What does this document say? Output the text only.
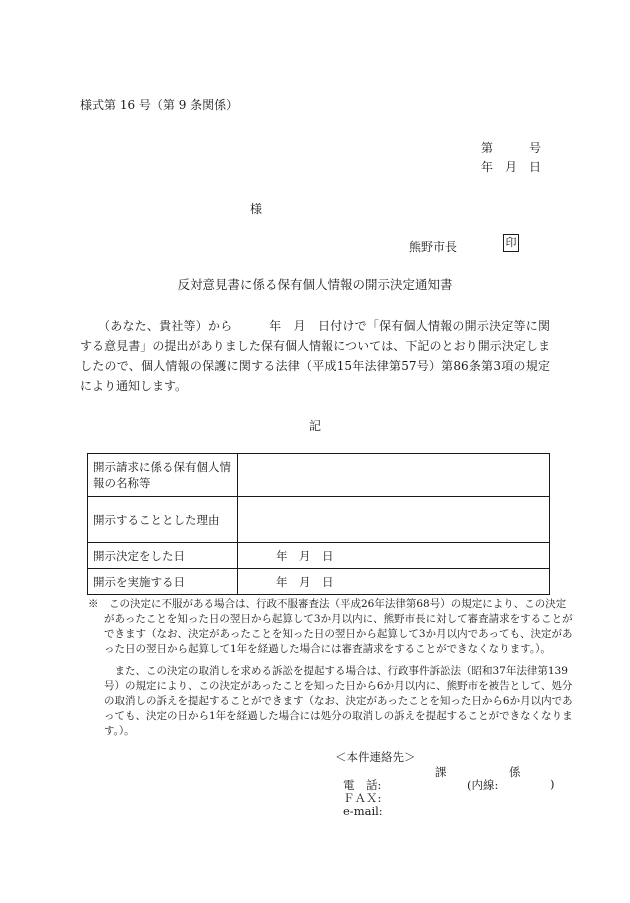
様式第 16 号（第 9 条関係）
第	号
年　月　日
様
熊野市長	印
反対意見書に係る保有個人情報の開示決定通知書
（あなた、貴社等）から　　　年　月　日付けで「保有個人情報の開示決定等に関する意見書」の提出がありました保有個人情報については、下記のとおり開示決定しましたので、個人情報の保護に関する法律（平成15年法律第57号）第86条第3項の規定により通知します。
記
開示請求に係る保有個人情報の名称等	
開示することとした理由	
開示決定をした日	年　月　日
開示を実施する日	年　月　日
※　この決定に不服がある場合は、行政不服審査法（平成26年法律第68号）の規定により、この決定があったことを知った日の翌日から起算して3か月以内に、熊野市長に対して審査請求をすることができます（なお、決定があったことを知った日の翌日から起算して3か月以内であっても、決定があった日の翌日から起算して1年を経過した場合には審査請求をすることができなくなります。）。
また、この決定の取消しを求める訴訟を提起する場合は、行政事件訴訟法（昭和37年法律第139号）の規定により、この決定があったことを知った日から6か月以内に、熊野市を被告として、処分の取消しの訴えを提起することができます（なお、決定があったことを知った日から6か月以内であっても、決定の日から1年を経過した場合には処分の取消しの訴えを提起することができなくなります。）。
＜本件連絡先＞
課	係
電　話:	(内線:	)
ＦＡＸ:
e-mail:
